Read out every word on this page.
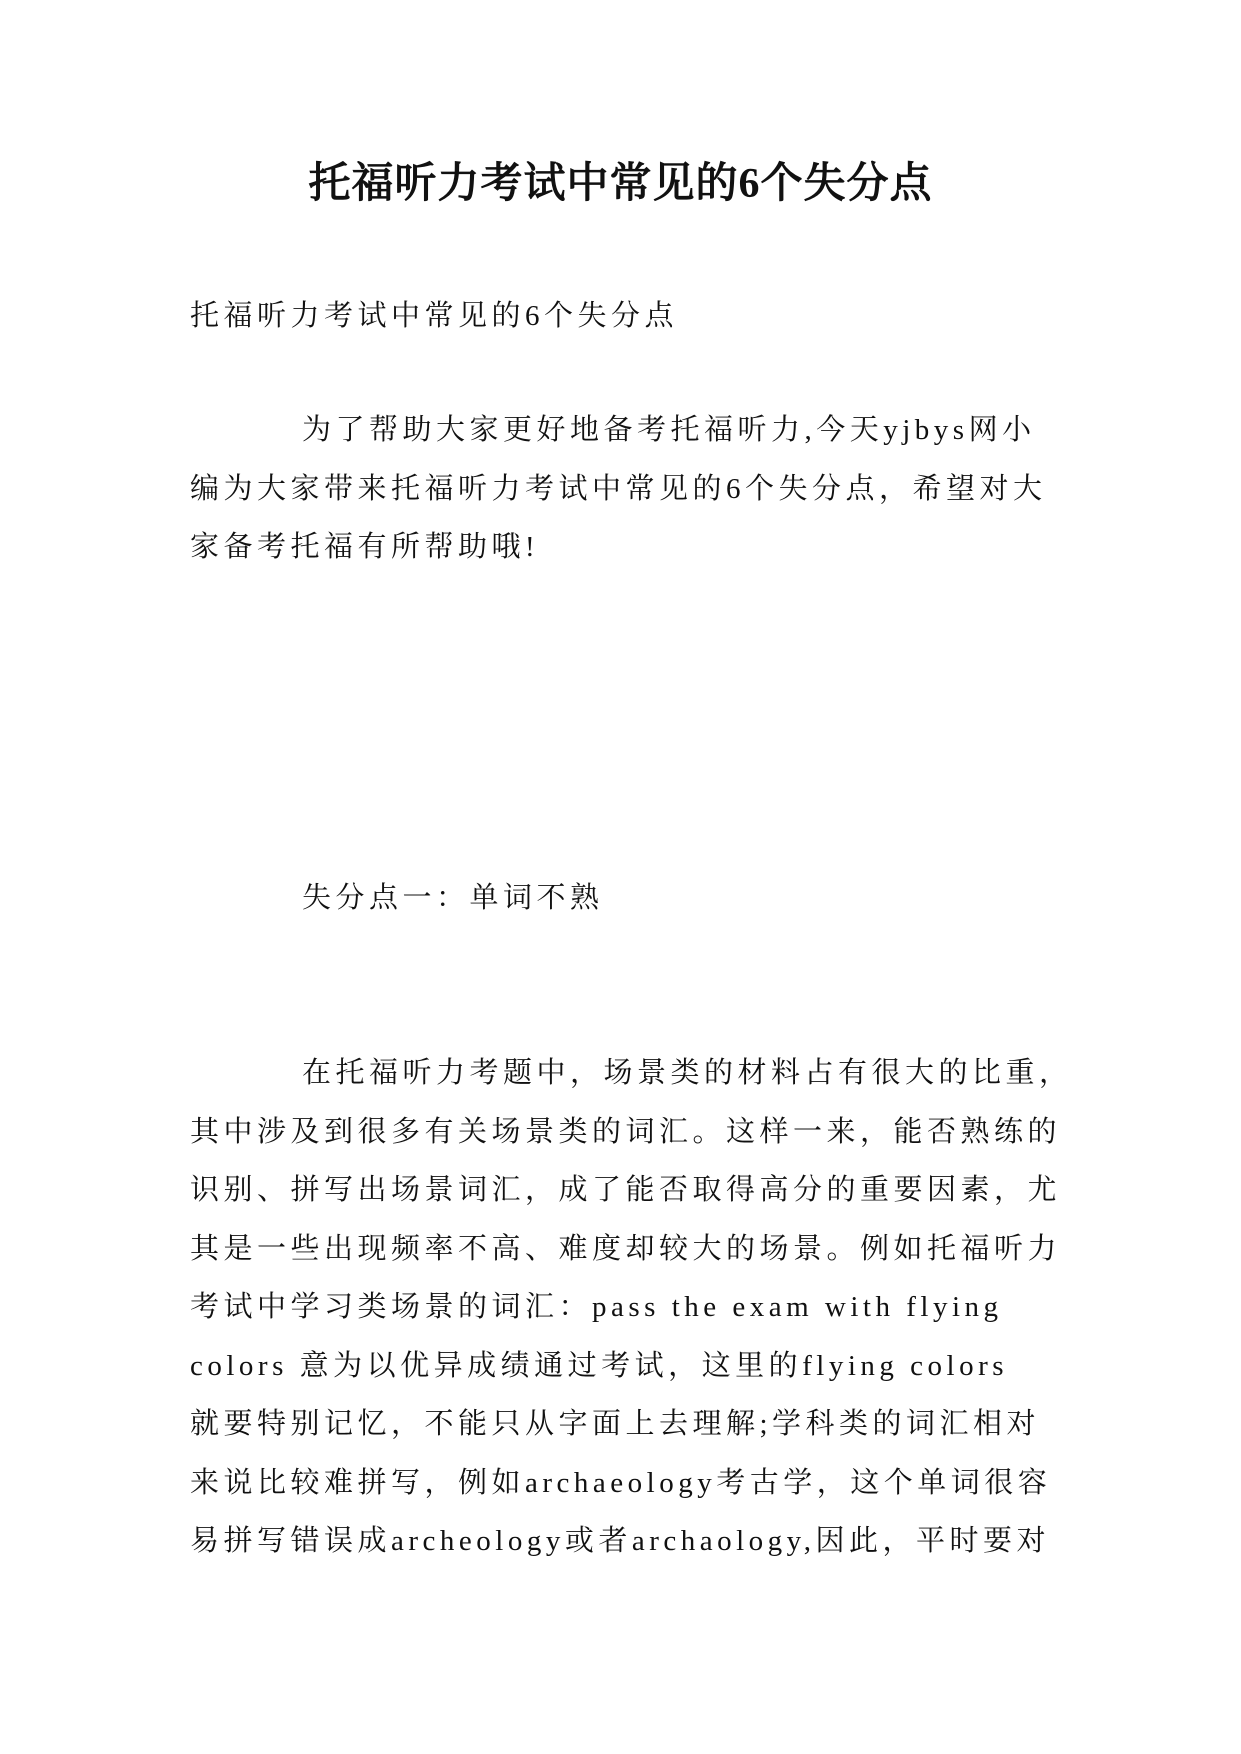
托福听力考试中常见的6个失分点
托福听力考试中常见的6个失分点
为了帮助大家更好地备考托福听力,今天yjbys网小
编为大家带来托福听力考试中常见的6个失分点，希望对大
家备考托福有所帮助哦!
失分点一：单词不熟
在托福听力考题中，场景类的材料占有很大的比重，
其中涉及到很多有关场景类的词汇。这样一来，能否熟练的
识别、拼写出场景词汇，成了能否取得高分的重要因素，尤
其是一些出现频率不高、难度却较大的场景。例如托福听力
考试中学习类场景的词汇：pass the exam with flying
colors 意为以优异成绩通过考试，这里的flying colors
就要特别记忆，不能只从字面上去理解;学科类的词汇相对
来说比较难拼写，例如archaeology考古学，这个单词很容
易拼写错误成archeology或者archaology,因此，平时要对
